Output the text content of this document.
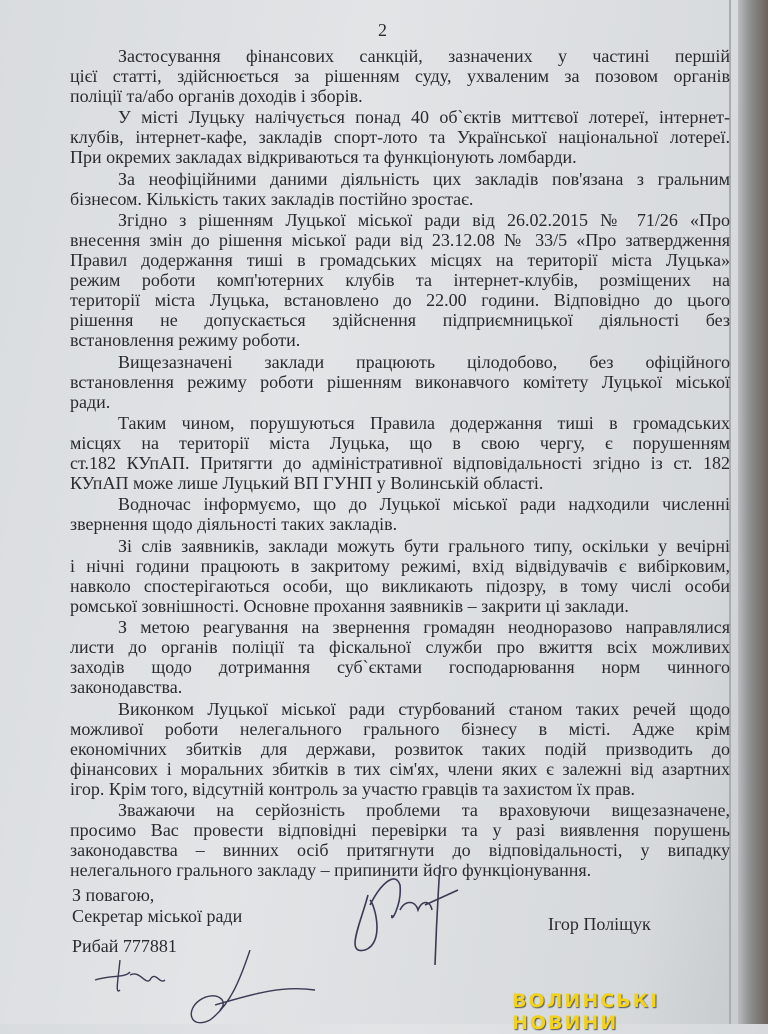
2
Застосування фінансових санкцій, зазначених у частині першій
цієї статті, здійснюється за рішенням суду, ухваленим за позовом органів
поліції та/або органів доходів і зборів.
У місті Луцьку налічується понад 40 об`єктів миттєвої лотереї, інтернет-
клубів, інтернет-кафе, закладів спорт-лото та Української національної лотереї.
При окремих закладах відкриваються та функціонують ломбарди.
За неофіційними даними діяльність цих закладів пов'язана з гральним
бізнесом. Кількість таких закладів постійно зростає.
Згідно з рішенням Луцької міської ради від 26.02.2015 № 71/26 «Про
внесення змін до рішення міської ради від 23.12.08 № 33/5 «Про затвердження
Правил додержання тиші в громадських місцях на території міста Луцька»
режим роботи комп'ютерних клубів та інтернет-клубів, розміщених на
території міста Луцька, встановлено до 22.00 години. Відповідно до цього
рішення не допускається здійснення підприємницької діяльності без
встановлення режиму роботи.
Вищезазначені заклади працюють цілодобово, без офіційного
встановлення режиму роботи рішенням виконавчого комітету Луцької міської
ради.
Таким чином, порушуються Правила додержання тиші в громадських
місцях на території міста Луцька, що в свою чергу, є порушенням
ст.182 КУпАП. Притягти до адміністративної відповідальності згідно із ст. 182
КУпАП може лише Луцький ВП ГУНП у Волинській області.
Водночас інформуємо, що до Луцької міської ради надходили численні
звернення щодо діяльності таких закладів.
Зі слів заявників, заклади можуть бути грального типу, оскільки у вечірні
і нічні години працюють в закритому режимі, вхід відвідувачів є вибірковим,
навколо спостерігаються особи, що викликають підозру, в тому числі особи
ромської зовнішності. Основне прохання заявників – закрити ці заклади.
З метою реагування на звернення громадян неодноразово направлялися
листи до органів поліції та фіскальної служби про вжиття всіх можливих
заходів щодо дотримання суб`єктами господарювання норм чинного
законодавства.
Виконком Луцької міської ради стурбований станом таких речей щодо
можливої роботи нелегального грального бізнесу в місті. Адже крім
економічних збитків для держави, розвиток таких подій призводить до
фінансових і моральних збитків в тих сім'ях, члени яких є залежні від азартних
ігор. Крім того, відсутній контроль за участю гравців та захистом їх прав.
Зважаючи на серйозність проблеми та враховуючи вищезазначене,
просимо Вас провести відповідні перевірки та у разі виявлення порушень
законодавства – винних осіб притягнути до відповідальності, у випадку
нелегального грального закладу – припинити його функціонування.
З повагою,
Секретар міської ради	Ігор Поліщук
Рибай 777881
ВОЛИНСЬКІ НОВИНИ
